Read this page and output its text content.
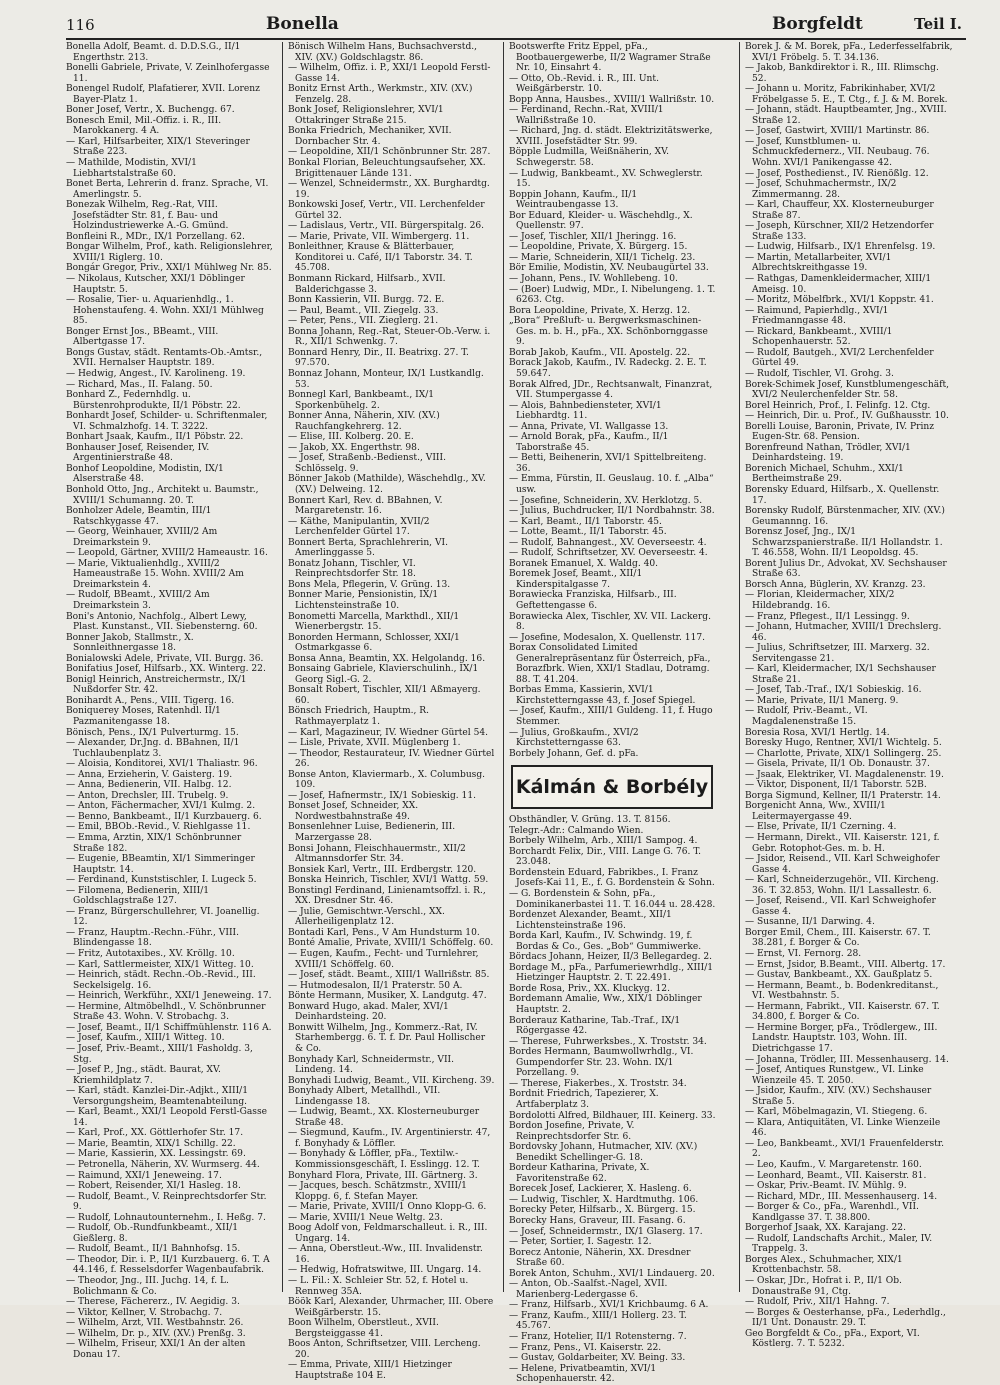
116	Bonella	Borgfeldt	Teil I.

Bonella Adolf, Beamt. d. D.D.S.G., II/1 Engerthstr. 213.

Bonelli Gabriele, Private, V. Zeinlhofergasse 11.

Bonengel Rudolf, Plafatierer, XVII. Lorenz Bayer-Platz 1.

Boner Josef, Vertr., X. Buchengg. 67.

Bonesch Emil, Mil.-Offiz. i. R., III. Marokkanerg. 4 A.

— Karl, Hilfsarbeiter, XIX/1 Steveringer Straße 223.

— Mathilde, Modistin, XVI/1 Liebhartstalstraße 60.

Bonet Berta, Lehrerin d. franz. Sprache, VI. Amerlingstr. 5.

Bonezak Wilhelm, Reg.-Rat, VIII. Josefstädter Str. 81, f. Bau- und Holzindustriewerke A.-G. Gmünd.

Bonfleini R., MDr., IX/1 Porzellang. 62.

Bongar Wilhelm, Prof., kath. Religionslehrer, XVIII/1 Riglerg. 10.

Bongár Gregor, Priv., XXI/1 Mühlweg Nr. 85.

— Nikolaus, Kutscher, XXI/1 Döblinger Hauptstr. 5.

— Rosalie, Tier- u. Aquarienhdlg., 1. Hohenstaufeng. 4. Wohn. XXI/1 Mühlweg 85.

Bonger Ernst Jos., BBeamt., VIII. Albertgasse 17.

Bongs Gustav, städt. Rentamts-Ob.-Amtsr., XVII. Hernalser Hauptstr. 189.

— Hedwig, Angest., IV. Karolineng. 19.

— Richard, Mas., II. Falang. 50.

Bonhard Z., Federnhdlg. u. Bürstenrohprodukte, II/1 Pöbstr. 22.

Bonhardt Josef, Schilder- u. Schriftenmaler, VI. Schmalzhofg. 14. T. 3222.

Bonhart Jsaak, Kaufm., II/1 Pöbstr. 22.

Bonhauser Josef, Reisender, IV. Argentinierstraße 48.

Bonhof Leopoldine, Modistin, IX/1 Alserstraße 48.

Bonhold Otto, Jng., Architekt u. Baumstr., XVIII/1 Schumanng. 20. T.

Bonholzer Adele, Beamtin, III/1 Ratschkygasse 47.

— Georg, Weinhauer, XVIII/2 Am Dreimarkstein 9.

— Leopold, Gärtner, XVIII/2 Hameaustr. 16.

— Marie, Viktualienhdlg., XVIII/2 Hameaustraße 15. Wohn. XVIII/2 Am Dreimarkstein 4.

— Rudolf, BBeamt., XVIII/2 Am Dreimarkstein 3.

Boni's Antonio, Nachfolg., Albert Lewy, Plast. Kunstanst., VII. Siebensterng. 60.

Bonner Jakob, Stallmstr., X. Sonnleithnergasse 18.

Bonialowski Adele, Private, VII. Burgg. 36.

Bonifatius Josef, Hilfsarb., XX. Winterg. 22.

Bonigl Heinrich, Anstreichermstr., IX/1 Nußdorfer Str. 42.

Bonihardt A., Pens., VIII. Tigerg. 16.

Boniquerey Moses, Ratenhdl. II/1 Pazmanitengasse 18.

Bönisch, Pens., IX/1 Pulverturmg. 15.

— Alexander, Dr.Jng. d. BBahnen, II/1 Tuchlaubenplatz 3.

— Aloisia, Konditorei, XVI/1 Thaliastr. 96.

— Anna, Erzieherin, V. Gaisterg. 19.

— Anna, Bedienerin, VII. Halbg. 12.

— Anton, Drechsler, III. Trubelg. 9.

— Anton, Fächermacher, XVI/1 Kulmg. 2.

— Benno, Bankbeamt., II/1 Kurzbauerg. 6.

— Emil, BBOb.-Revid., V. Riehlgasse 11.

— Emma, Arztin, XIX/1 Schönbrunner Straße 182.

— Eugenie, BBeamtin, XI/1 Simmeringer Hauptstr. 14.

— Ferdinand, Kunststischler, I. Lugeck 5.

— Filomena, Bedienerin, XIII/1 Goldschlagstraße 127.

— Franz, Bürgerschullehrer, VI. Joanellig. 12.

— Franz, Hauptm.-Rechn.-Führ., VIII. Blindengasse 18.

— Fritz, Autotaxibes., XV. Kröllg. 10.

— Karl, Sattlermeister, XIX/1 Witteg. 10.

— Heinrich, städt. Rechn.-Ob.-Revid., III. Seckelsigelg. 16.

— Heinrich, Werkführ., XXI/1 Jeneweing. 17.

— Hermine, Altmöbelhdl., V. Schönbrunner Straße 43. Wohn. V. Strobachg. 3.

— Josef, Beamt., II/1 Schiffmühlenstr. 116 A.

— Josef, Kaufm., XIII/1 Witteg. 10.

— Josef, Priv.-Beamt., XIII/1 Fasholdg. 3, Stg.

— Josef P., Jng., städt. Baurat, XV. Kriemhildplatz 7.

— Karl, städt. Kanzlei-Dir.-Adjkt., XIII/1 Versorgungsheim, Beamtenabteilung.

— Karl, Beamt., XXI/1 Leopold Ferstl-Gasse 14.

— Karl, Prof., XX. Göttlerhofer Str. 17.

— Marie, Beamtin, XIX/1 Schillg. 22.

— Marie, Kassierin, XX. Lessingstr. 69.

— Petronella, Näherin, XV. Wurmserg. 44.

— Raimund, XXI/1 Jeneweing. 17.

— Robert, Reisender, XI/1 Hasleg. 18.

— Rudolf, Beamt., V. Reinprechtsdorfer Str. 9.

— Rudolf, Lohnautounternehm., I. Heßg. 7.

— Rudolf, Ob.-Rundfunkbeamt., XII/1 Gießlerg. 8.

— Rudolf, Beamt., II/1 Bahnhofsg. 15.

— Theodor, Dir. i. P., II/1 Kurzbauerg. 6. T. A 44.146, f. Resselsdorfer Wagenbaufabrik.

— Theodor, Jng., III. Juchg. 14, f. L. Bolichmann & Co.

— Therese, Fächererz., IV. Aegidig. 3.

— Viktor, Kellner, V. Strobachg. 7.

— Wilhelm, Arzt, VII. Westbahnstr. 26.

— Wilhelm, Dr. p., XIV. (XV.) Prenßg. 3.

— Wilhelm, Friseur, XXI/1 An der alten Donau 17.

Bönisch Wilhelm Hans, Buchsachverstd., XIV. (XV.) Goldschlagstr. 86.

— Wilhelm, Offiz. i. P., XXI/1 Leopold Ferstl-Gasse 14.

Bonitz Ernst Arth., Werkmstr., XIV. (XV.) Fenzelg. 28.

Bonk Josef, Religionslehrer, XVI/1 Ottakringer Straße 215.

Bonka Friedrich, Mechaniker, XVII. Dornbacher Str. 4.

— Leopoldine, XII/1 Schönbrunner Str. 287.

Bonkal Florian, Beleuchtungsaufseher, XX. Brigittenauer Lände 131.

— Wenzel, Schneidermstr., XX. Burghardtg. 19.

Bonkowski Josef, Vertr., VII. Lerchenfelder Gürtel 32.

— Ladislaus, Vertr., VII. Bürgerspitalg. 26.

— Marie, Private, VII. Wimbergerg. 11.

Bonleithner, Krause & Blätterbauer, Konditorei u. Café, II/1 Taborstr. 34. T. 45.708.

Bonmann Rickard, Hilfsarb., XVII. Balderichgasse 3.

Bonn Kassierin, VII. Burgg. 72. E.

— Paul, Beamt., VII. Ziegelg. 33.

— Peter, Pens., VII. Zieglerg. 21.

Bonna Johann, Reg.-Rat, Steuer-Ob.-Verw. i. R., XII/1 Schwenkg. 7.

Bonnard Henry, Dir., II. Beatrixg. 27. T. 97.570.

Bonnaz Johann, Monteur, IX/1 Lustkandlg. 53.

Bonnegl Karl, Bankbeamt., IX/1 Sporkenbühelg. 2.

Bonner Anna, Näherin, XIV. (XV.) Rauchfangkehrerg. 12.

— Elise, III. Kolberg. 20. E.

— Jakob, XX. Engerthstr. 98.

— Josef, Straßenb.-Bedienst., VIII. Schlösselg. 9.

Bönner Jakob (Mathilde), Wäschehdlg., XV. (XV.) Delweing. 12.

Bonnert Karl, Rev. d. BBahnen, V. Margaretenstr. 16.

— Käthe, Manipulantin, XVII/2 Lerchenfelder Gürtel 17.

Bonnert Berta, Sprachlehrerin, VI. Amerlinggasse 5.

Bonatz Johann, Tischler, VI. Reinprechtsdorfer Str. 18.

Bons Mela, Pflegerin, V. Grüng. 13.

Bonner Marie, Pensionistin, IX/1 Lichtensteinstraße 10.

Bonometti Marcella, Markthdl., XII/1 Wienerbergstr. 15.

Bonorden Hermann, Schlosser, XXI/1 Ostmarkgasse 6.

Bonsa Anna, Beamtin, XX. Helgolandg. 16.

Bonsaing Gabriele, Klavierschulinh., IX/1 Georg Sigl.-G. 2.

Bonsalt Robert, Tischler, XII/1 Aßmayerg. 60.

Bönsch Friedrich, Hauptm., R. Rathmayerplatz 1.

— Karl, Magazineur, IV. Wiedner Gürtel 54.

— Lisle, Private, XVII. Müglenberg 1.

— Theodor, Restaurateur, IV. Wiedner Gürtel 26.

Bonse Anton, Klaviermarb., X. Columbusg. 109.

— Josef, Hafnermstr., IX/1 Sobieskig. 11.

Bonset Josef, Schneider, XX. Nordwestbahnstraße 49.

Bonsenlehner Luise, Bedienerin, III. Marzergasse 28.

Bonsi Johann, Fleischhauermstr., XII/2 Altmannsdorfer Str. 34.

Bonsiek Karl, Vertr., III. Erdbergstr. 120.

Bonska Heinrich, Tischler, XVI/1 Wattg. 59.

Bonstingl Ferdinand, Linienamtsoffzl. i. R., XX. Dresdner Str. 46.

— Julie, Gemischtwr.-Verschl., XX. Allerheiligenplatz 12.

Bontadi Karl, Pens., V Am Hundsturm 10.

Bonté Amalie, Private, XVIII/1 Schöffelg. 60.

— Eugen, Kaufm., Fecht- und Turnlehrer, XVIII/1 Schöffelg. 60.

— Josef, städt. Beamt., XIII/1 Wallrißstr. 85.

— Hutmodesalon, II/1 Praterstr. 50 A.

Bönte Hermann, Musiker, X. Landgutg. 47.

Bonward Hugo, akad. Maler, XVI/1 Deinhardsteing. 20.

Bonwitt Wilhelm, Jng., Kommerz.-Rat, IV. Starhembergg. 6. T. f. Dr. Paul Hollischer & Co.

Bonyhady Karl, Schneidermstr., VII. Lindeng. 14.

Bonyhadi Ludwig, Beamt., VII. Kircheng. 39.

Bonyhady Albert, Metallhdl., VII. Lindengasse 18.

— Ludwig, Beamt., XX. Klosterneuburger Straße 48.

— Siegmund, Kaufm., IV. Argentinierstr. 47, f. Bonyhady & Löffler.

— Bonyhady & Löffler, pFa., Textilw.-Kommissionsgeschäft, I. Esslingg. 12. T.

Bonyhard Flora, Private, III. Gärtnerg. 3.

— Jacques, besch. Schätzmstr., XVIII/1 Kloppg. 6, f. Stefan Mayer.

— Marie, Private, XVIII/1 Onno Klopp-G. 6.

— Marie, XVIII/1 Neue Weltg. 23.

Boog Adolf von, Feldmarschalleut. i. R., III. Ungarg. 14.

— Anna, Oberstleut.-Ww., III. Invalidenstr. 16.

— Hedwig, Hofratswitwe, III. Ungarg. 14.

— L. Fil.: X. Schleier Str. 52, f. Hotel u. Rennweg 35A.

Böök Karl, Alexander, Uhrmacher, III. Obere Weißgärberstr. 15.

Boon Wilhelm, Oberstleut., XVII. Bergsteiggasse 41.

Boos Anton, Schriftsetzer, VIII. Lercheng. 20.

— Emma, Private, XIII/1 Hietzinger Hauptstraße 104 E.

Bootswerfte Fritz Eppel, pFa., Bootbauergewerbe, II/2 Wagramer Straße Nr. 10, Einsahrt 4.

— Otto, Ob.-Revid. i. R., III. Unt. Weißgärberstr. 10.

Bopp Anna, Hausbes., XVIII/1 Wallrißstr. 10.

— Ferdinand, Rechn.-Rat, XVIII/1 Wallrißstraße 10.

— Richard, Jng. d. städt. Elektrizitätswerke, XVIII. Josefstädter Str. 99.

Böpple Ludmilla, Weißnäherin, XV. Schwegerstr. 58.

— Ludwig, Bankbeamt., XV. Schweglerstr. 15.

Boppin Johann, Kaufm., II/1 Weintraubengasse 13.

Bor Eduard, Kleider- u. Wäschehdlg., X. Quellenstr. 97.

— Josef, Tischler, XII/1 Jheringg. 16.

— Leopoldine, Private, X. Bürgerg. 15.

— Marie, Schneiderin, XII/1 Tichelg. 23.

Bör Emilie, Modistin, XV. Neubaugürtel 33.

— Johann, Pens., IV. Wohllebeng. 10.

— (Boer) Ludwig, MDr., I. Nibelungeng. 1. T. 6263. Ctg.

Bora Leopoldine, Private, X. Herzg. 12.

„Bora“ Preßluft- u. Bergwerksmaschinen-Ges. m. b. H., pFa., XX. Schönbornggasse 9.

Borab Jakob, Kaufm., VII. Apostelg. 22.

Borack Jakob, Kaufm., IV. Radeckg. 2. E. T. 59.647.

Borak Alfred, JDr., Rechtsanwalt, Finanzrat, VII. Stumpergasse 4.

— Alois, Bahnbediensteter, XVI/1 Liebhardtg. 11.

— Anna, Private, VI. Wallgasse 13.

— Arnold Borak, pFa., Kaufm., II/1 Taborstraße 45.

— Betti, Beihenerin, XVI/1 Spittelbreiteng. 36.

— Emma, Fürstin, II. Geuslaug. 10. f. „Alba“ usw.

— Josefine, Schneiderin, XV. Herklotzg. 5.

— Julius, Buchdrucker, II/1 Nordbahnstr. 38.

— Karl, Beamt., II/1 Taborstr. 45.

— Lotte, Beamt., II/1 Taborstr. 45.

— Rudolf, Bahnangest., XV. Oeverseestr. 4.

— Rudolf, Schriftsetzer, XV. Oeverseestr. 4.

Boranek Emanuel, X. Waldg. 40.

Boremek Josef, Beamt., XII/1 Kinderspitalgasse 7.

Borawiecka Franziska, Hilfsarb., III. Geftettengasse 6.

Borawiecka Alex, Tischler, XV. VII. Lackerg. 8.

— Josefine, Modesalon, X. Quellenstr. 117.

Borax Consolidated Limited Generalrepräsentanz für Österreich, pFa., Borazfbrk. Wien, XXI/1 Stadlau, Dotramg. 88. T. 41.204.

Borbas Emma, Kassierin, XVI/1 Kirchstetterngasse 43, f. Josef Spiegel.

— Josef, Kaufm., XIII/1 Guldeng. 11, f. Hugo Stemmer.

— Julius, Großkaufm., XVI/2 Kirchstetterngasse 63.

Borbely Johann, Gef. d. pFa.

Kálmán & Borbély

Obsthändler, V. Grüng. 13. T. 8156.

Telegr.-Adr.: Calmando Wien.

Borbely Wilhelm, Arb., XIII/1 Sampog. 4.

Borchardt Felix, Dir., VIII. Lange G. 76. T. 23.048.

Bordenstein Eduard, Fabrikbes., I. Franz Josefs-Kai 11, E., f. G. Bordenstein & Sohn.

— G. Bordenstein & Sohn, pFa., Dominikanerbastei 11. T. 16.044 u. 28.428.

Bordenzet Alexander, Beamt., XII/1 Lichtensteinstraße 196.

Borda Karl, Kaufm., IV. Schwindg. 19, f. Bordas & Co., Ges. „Bob“ Gummiwerke.

Bördacs Johann, Heizer, II/3 Bellegardeg. 2.

Bordage M., pFa., Parfumeriewrhdlg., XIII/1 Hietzinger Hauptstr. 2. T. 22.491.

Borde Rosa, Priv., XX. Kluckyg. 12.

Bordemann Amalie, Ww., XIX/1 Döblinger Hauptstr. 2.

Borderauz Katharine, Tab.-Traf., IX/1 Rögergasse 42.

— Therese, Fuhrwerksbes., X. Troststr. 34.

Bordes Hermann, Baumwollwrhdlg., VI. Gumpendorfer Str. 23. Wohn. IX/1 Porzellang. 9.

— Therese, Fiakerbes., X. Troststr. 34.

Bordnit Friedrich, Tapezierer, X. Artfaberplatz 3.

Bordolotti Alfred, Bildhauer, III. Keinerg. 33.

Bordon Josefine, Private, V. Reinprechtsdorfer Str. 6.

Bordovsky Johann, Hutmacher, XIV. (XV.) Benedikt Schellinger-G. 18.

Bordeur Katharina, Private, X. Favoritenstraße 62.

Borecek Josef, Lackierer, X. Hasleng. 6.

— Ludwig, Tischler, X. Hardtmuthg. 106.

Borecky Peter, Hilfsarb., X. Bürgerg. 15.

Borecky Hans, Graveur, III. Fasang. 6.

— Josef, Schneidermstr., IX/1 Glaserg. 17.

— Peter, Sortier, I. Sagestr. 12.

Borecz Antonie, Näherin, XX. Dresdner Straße 60.

Borek Anton, Schuhm., XVI/1 Lindauerg. 20.

— Anton, Ob.-Saalfst.-Nagel, XVII. Marienberg-Ledergasse 6.

— Franz, Hilfsarb., XVI/1 Krichbaumg. 6 A.

— Franz, Kaufm., XIII/1 Hollerg. 23. T. 45.767.

— Franz, Hotelier, II/1 Rotensterng. 7.

— Franz, Pens., VI. Kaiserstr. 22.

— Gustav, Goldarbeiter, XV. Being. 33.

— Helene, Privatbeamtin, XVI/1 Schopenhauerstr. 42.

Borek J. & M. Borek, pFa., Lederfesselfabrik, XVI/1 Fröbelg. 5. T. 34.136.

— Jakob, Bankdirektor i. R., III. Rlimschg. 52.

— Johann u. Moritz, Fabrikinhaber, XVI/2 Fröbelgasse 5. E., T. Ctg., f. J. & M. Borek.

— Johann, städt. Hauptbeamter, Jng., XVIII. Straße 12.

— Josef, Gastwirt, XVIII/1 Martinstr. 86.

— Josef, Kunstblumen- u. Schmuckfedernerz., VII. Neubaug. 76. Wohn. XVI/1 Panikengasse 42.

— Josef, Posthedienst., IV. Rienößlg. 12.

— Josef, Schuhmachermstr., IX/2 Zimmermanng. 28.

— Karl, Chauffeur, XX. Klosterneuburger Straße 87.

— Joseph, Kürschner, XII/2 Hetzendorfer Straße 133.

— Ludwig, Hilfsarb., IX/1 Ehrenfelsg. 19.

— Martin, Metallarbeiter, XVI/1 Albrechtskreithgasse 19.

— Rathgas, Damenkleidermacher, XIII/1 Ameisg. 10.

— Moritz, Möbelfbrk., XVI/1 Koppstr. 41.

— Raimund, Papierhdlg., XVI/1 Friedmanngasse 48.

— Rickard, Bankbeamt., XVIII/1 Schopenhauerstr. 52.

— Rudolf, Bautgeh., XVI/2 Lerchenfelder Gürtel 49.

— Rudolf, Tischler, VI. Grohg. 3.

Borek-Schimek Josef, Kunstblumengeschäft, XVI/2 Neulerchenfelder Str. 58.

Borel Heinrich, Prof., I. Felinfg. 12. Ctg.

— Heinrich, Dir. u. Prof., IV. Gußhausstr. 10.

Borelli Louise, Baronin, Private, IV. Prinz Eugen-Str. 68. Pension.

Borenfreund Nathan, Trödler, XVI/1 Deinhardsteing. 19.

Borenich Michael, Schuhm., XXI/1 Bertheimstraße 29.

Borensky Eduard, Hilfsarb., X. Quellenstr. 17.

Borensky Rudolf, Bürstenmacher, XIV. (XV.) Geumannng. 16.

Borensz Josef, Jng., IX/1 Schwarzspanierstraße. II/1 Hollandstr. 1. T. 46.558, Wohn. II/1 Leopoldsg. 45.

Borent Julius Dr., Advokat, XV. Sechshauser Straße 63.

Borsch Anna, Büglerin, XV. Kranzg. 23.

— Florian, Kleidermacher, XIX/2 Hildebrandg. 16.

— Franz, Pflegest., II/1 Lessingg. 9.

— Johann, Hutmacher, XVIII/1 Drechslerg. 46.

— Julius, Schriftsetzer, III. Marxerg. 32. Servitengasse 21.

— Karl, Kleidermacher, IX/1 Sechshauser Straße 21.

— Josef, Tab.-Traf., IX/1 Sobieskig. 16.

— Marie, Private, II/1 Manerg. 9.

— Rudolf, Priv.-Beamt., VI. Magdalenenstraße 15.

Boresia Rosa, XVI/1 Hertlg. 14.

Boresky Hugo, Rentner, XVI/1 Wichtelg. 5.

— Charlotte, Private, XIX/1 Sollingerg. 25.

— Gisela, Private, II/1 Ob. Donaustr. 37.

— Jsaak, Elektriker, VI. Magdalenenstr. 19.

— Viktor, Disponent, II/1 Taborstr. 52B.

Borga Sigmund, Kellner, II/1 Praterstr. 14.

Borgenicht Anna, Ww., XVIII/1 Leitermayergasse 49.

— Else, Private, II/1 Czerning. 4.

— Hermann, Direkt., VII. Kaiserstr. 121, f. Gebr. Rotophot-Ges. m. b. H.

— Jsidor, Reisend., VII. Karl Schweighofer Gasse 4.

— Karl, Schneiderzugehör., VII. Kircheng. 36. T. 32.853, Wohn. II/1 Lassallestr. 6.

— Josef, Reisend., VII. Karl Schweighofer Gasse 4.

— Susanne, II/1 Darwing. 4.

Borger Emil, Chem., III. Kaiserstr. 67. T. 38.281, f. Borger & Co.

— Ernst, VI. Fernorg. 28.

— Ernst, Jsidor, B.Beamt., VIII. Albertg. 17.

— Gustav, Bankbeamt., XX. Gaußplatz 5.

— Hermann, Beamt., b. Bodenkreditanst., VI. Westbahnstr. 5.

— Hermann, Fabrikt., VII. Kaiserstr. 67. T. 34.800, f. Borger & Co.

— Hermine Borger, pFa., Trödlergew., III. Landstr. Hauptstr. 103, Wohn. III. Dietrichgasse 17.

— Johanna, Trödler, III. Messenhauserg. 14.

— Josef, Antiques Runstgew., VI. Linke Wienzeile 45. T. 2050.

— Jsidor, Kaufm., XIV. (XV.) Sechshauser Straße 5.

— Karl, Möbelmagazin, VI. Stiegeng. 6.

— Klara, Antiquitäten, VI. Linke Wienzeile 46.

— Leo, Bankbeamt., XVI/1 Frauenfelderstr. 2.

— Leo, Kaufm., V. Margaretenstr. 160.

— Leonhard, Beamt., VII. Kaiserstr. 81.

— Oskar, Priv.-Beamt. IV. Mühlg. 9.

— Richard, MDr., III. Messenhauserg. 14.

— Borger & Co., pFa., Warenhdl., VII. Kandlgasse 37. T. 38.800.

Borgerhof Jsaak, XX. Karajang. 22.

— Rudolf, Landschafts Archit., Maler, IV. Trappelg. 3.

Borges Alex., Schuhmacher, XIX/1 Krottenbachstr. 58.

— Oskar, JDr., Hofrat i. P., II/1 Ob. Donaustraße 91, Ctg.

— Rudolf, Priv., XII/1 Hahng. 7.

— Borges & Oesterhanse, pFa., Lederhdlg., II/1 Unt. Donaustr. 29. T.

Geo Borgfeldt & Co., pFa., Export, VI. Köstlerg. 7. T. 5232.
